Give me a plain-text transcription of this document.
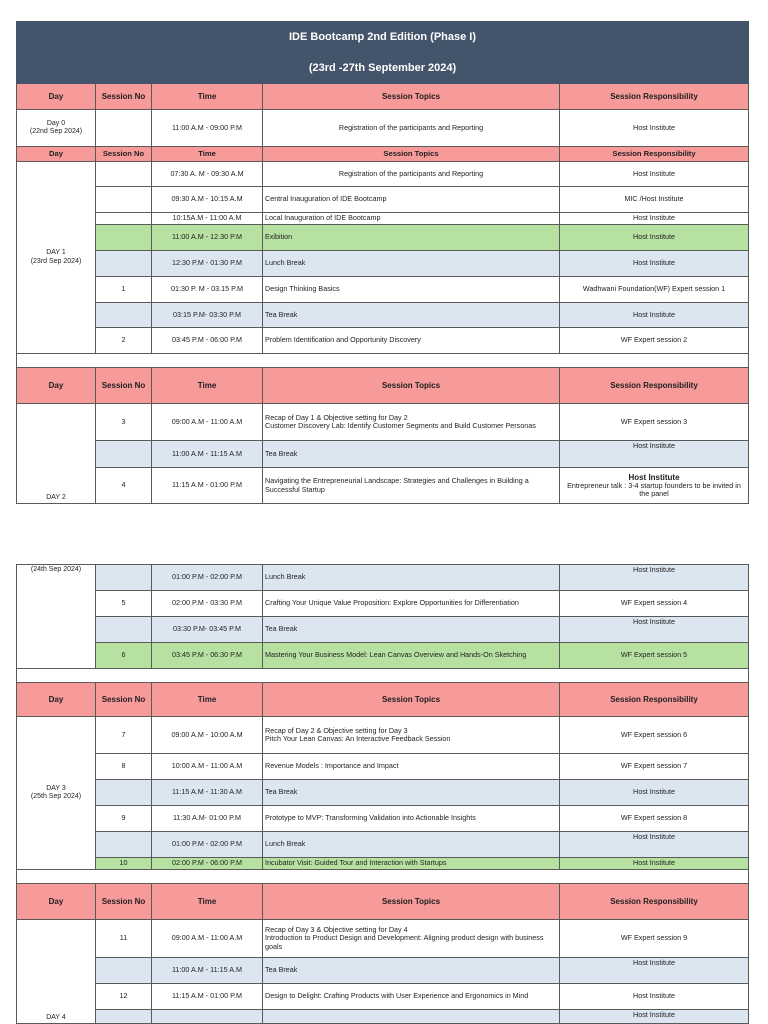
IDE Bootcamp 2nd Edition (Phase I)				
(23rd -27th September 2024)				
Day	Session No	Time	Session Topics	Session Responsibility
Day 0
(22nd Sep 2024)		11:00 A.M - 09:00 P.M	Registration of the participants and Reporting	Host Institute
Day	Session No	Time	Session Topics	Session Responsibility
DAY 1
(23rd Sep 2024)		07:30 A. M - 09:30 A.M	Registration of the participants and Reporting	Host Institute
		09:30 A.M - 10:15 A.M	Central Inauguration of IDE Bootcamp	MIC /Host Institute
		10:15A.M - 11:00 A.M	Local Inauguration of IDE Bootcamp	Host Institute
		11:00 A.M - 12.30 P.M	Exibition	Host Institute
		12:30 P.M - 01:30 P.M	Lunch Break	Host Institute
	1	01:30 P. M - 03.15 P.M	Design Thinking Basics	Wadhwani Foundation(WF) Expert session 1
		03:15 P.M- 03:30 P.M	Tea Break	Host Institute
	2	03:45 P.M - 06:00 P.M	Problem Identification and Opportunity Discovery	WF Expert session 2

Day	Session No	Time	Session Topics	Session Responsibility
DAY 2	3	09:00 A.M - 11:00 A.M	Recap of Day 1 & Objective setting for Day 2
Customer Discovery Lab: Identify Customer Segments and Build Customer Personas	WF Expert session 3
		11:00 A.M - 11:15 A.M	Tea Break	Host Institute
	4	11:15 A.M - 01:00 P.M	Navigating the Entrepreneurial Landscape: Strategies and Challenges in Building a Successful Startup	Host Institute
Entrepreneur talk : 3-4 startup founders to be invited in the panel
(24th Sep 2024)		01:00 P.M - 02:00 P.M	Lunch Break	Host Institute
	5	02:00 P.M - 03:30 P.M	Crafting Your Unique Value Proposition: Explore Opportunities for Differentiation	WF Expert session 4
		03:30 P.M- 03:45 P.M	Tea Break	Host Institute
	6	03:45 P.M - 06:30 P.M	Mastering Your Business Model: Lean Canvas Overview and Hands-On Sketching	WF Expert session 5

Day	Session No	Time	Session Topics	Session Responsibility
DAY 3
(25th Sep 2024)	7	09:00 A.M - 10:00 A.M	Recap of Day 2 & Objective setting for Day 3
Pitch Your Lean Canvas: An Interactive Feedback Session	WF Expert session 6
	8	10:00 A.M - 11:00 A.M	Revenue Models : Importance and Impact	WF Expert session 7
		11:15 A.M - 11:30 A.M	Tea Break	Host Institute
	9	11:30 A.M- 01:00 P.M	Prototype to MVP: Transforming Validation into Actionable Insights	WF Expert session 8
		01:00 P.M - 02:00 P.M	Lunch Break	Host Institute
	10	02:00 P.M - 06:00 P.M	Incubator Visit: Guided Tour and Interaction with Startups	Host Institute

Day	Session No	Time	Session Topics	Session Responsibility
DAY 4	11	09:00 A.M - 11:00 A.M	Recap of Day 3 & Objective setting for Day 4
Introduction to Product Design and Development: Aligning product design with business goals	WF Expert session 9
		11:00 A.M - 11:15 A.M	Tea Break	Host Institute
	12	11:15 A.M - 01:00 P.M	Design to Delight: Crafting Products with User Experience and Ergonomics in Mind	Host Institute
				Host Institute
